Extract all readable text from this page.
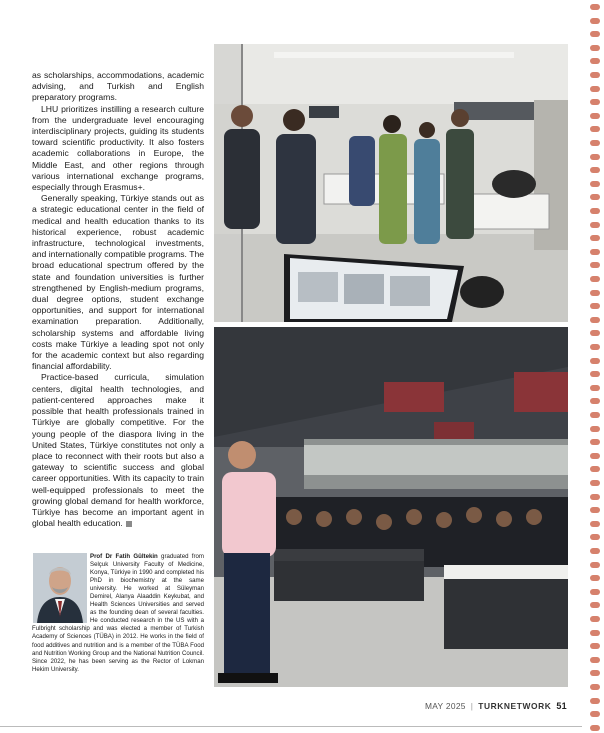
as scholarships, accommodations, academic advising, and Turkish and English preparatory programs.

LHU prioritizes instilling a research culture from the undergraduate level encouraging interdisciplinary projects, guiding its students toward scientific productivity. It also fosters academic collaborations in Europe, the Middle East, and other regions through various international exchange programs, especially through Erasmus+.

Generally speaking, Türkiye stands out as a strategic educational center in the field of medical and health education thanks to its historical experience, robust academic infrastructure, technological investments, and internationally compatible programs. The broad educational spectrum offered by the state and foundation universities is further strengthened by English-medium programs, dual degree options, student exchange opportunities, and support for international examination preparation. Additionally, scholarship systems and affordable living costs make Türkiye a leading spot not only for the academic context but also regarding financial affordability.

Practice-based curricula, simulation centers, digital health technologies, and patient-centered approaches make it possible that health professionals trained in Türkiye are globally competitive. For the young people of the diaspora living in the United States, Türkiye constitutes not only a place to reconnect with their roots but also a gateway to scientific success and global career opportunities. With its capacity to train well-equipped professionals to meet the growing global demand for health workforce, Türkiye has become an important agent in global health education.

Prof Dr Fatih Gültekin graduated from Selçuk University Faculty of Medicine, Konya, Türkiye in 1990 and completed his PhD in biochemistry at the same university. He worked at Süleyman Demirel, Alanya Alaaddin Keykubat, and Health Sciences Universities and served as the founding dean of several faculties. He conducted research in the US with a Fulbright scholarship and was elected a member of Turkish Academy of Sciences (TÜBA) in 2012. He works in the field of food additives and nutrition and is a member of the TÜBA Food and Nutrition Working Group and the National Nutrition Council. Since 2022, he has been serving as the Rector of Lokman Hekim University.
MAY 2025 | TURKNETWORK 51
